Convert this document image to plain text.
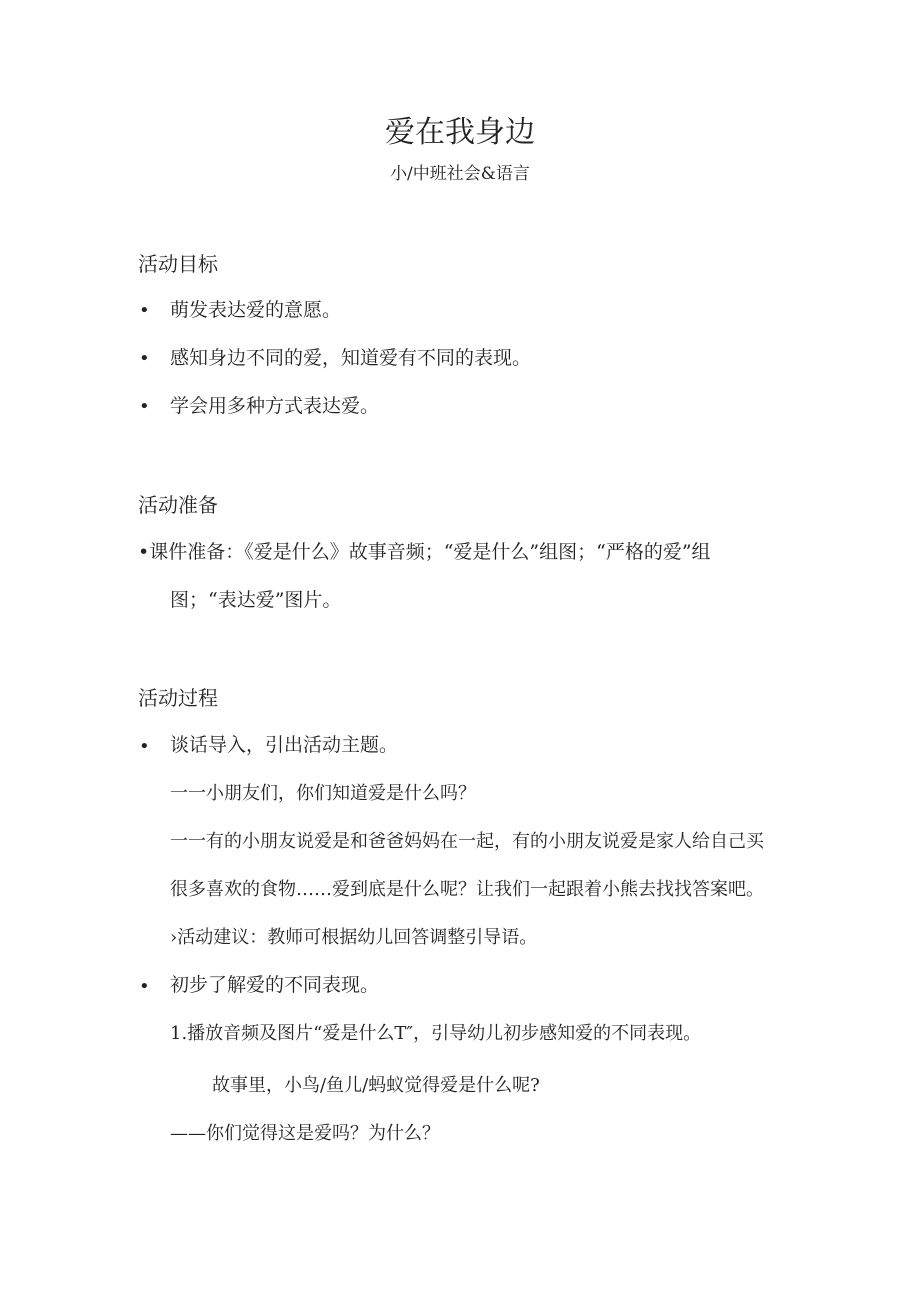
爱在我身边
小/中班社会&语言
活动目标
• 萌发表达爱的意愿。
• 感知身边不同的爱，知道爱有不同的表现。
• 学会用多种方式表达爱。
活动准备
•课件准备：《爱是什么》故事音频；“爱是什么”组图；“严格的爱”组
图；“表达爱”图片。
活动过程
• 谈话导入，引出活动主题。
一一小朋友们，你们知道爱是什么吗？
一一有的小朋友说爱是和爸爸妈妈在一起，有的小朋友说爱是家人给自己买
很多喜欢的食物……爱到底是什么呢？让我们一起跟着小熊去找找答案吧。
›活动建议：教师可根据幼儿回答调整引导语。
• 初步了解爱的不同表现。
1.播放音频及图片“爱是什么T″，引导幼儿初步感知爱的不同表现。
故事里，小鸟/鱼儿/蚂蚁觉得爱是什么呢?
——你们觉得这是爱吗？为什么？
